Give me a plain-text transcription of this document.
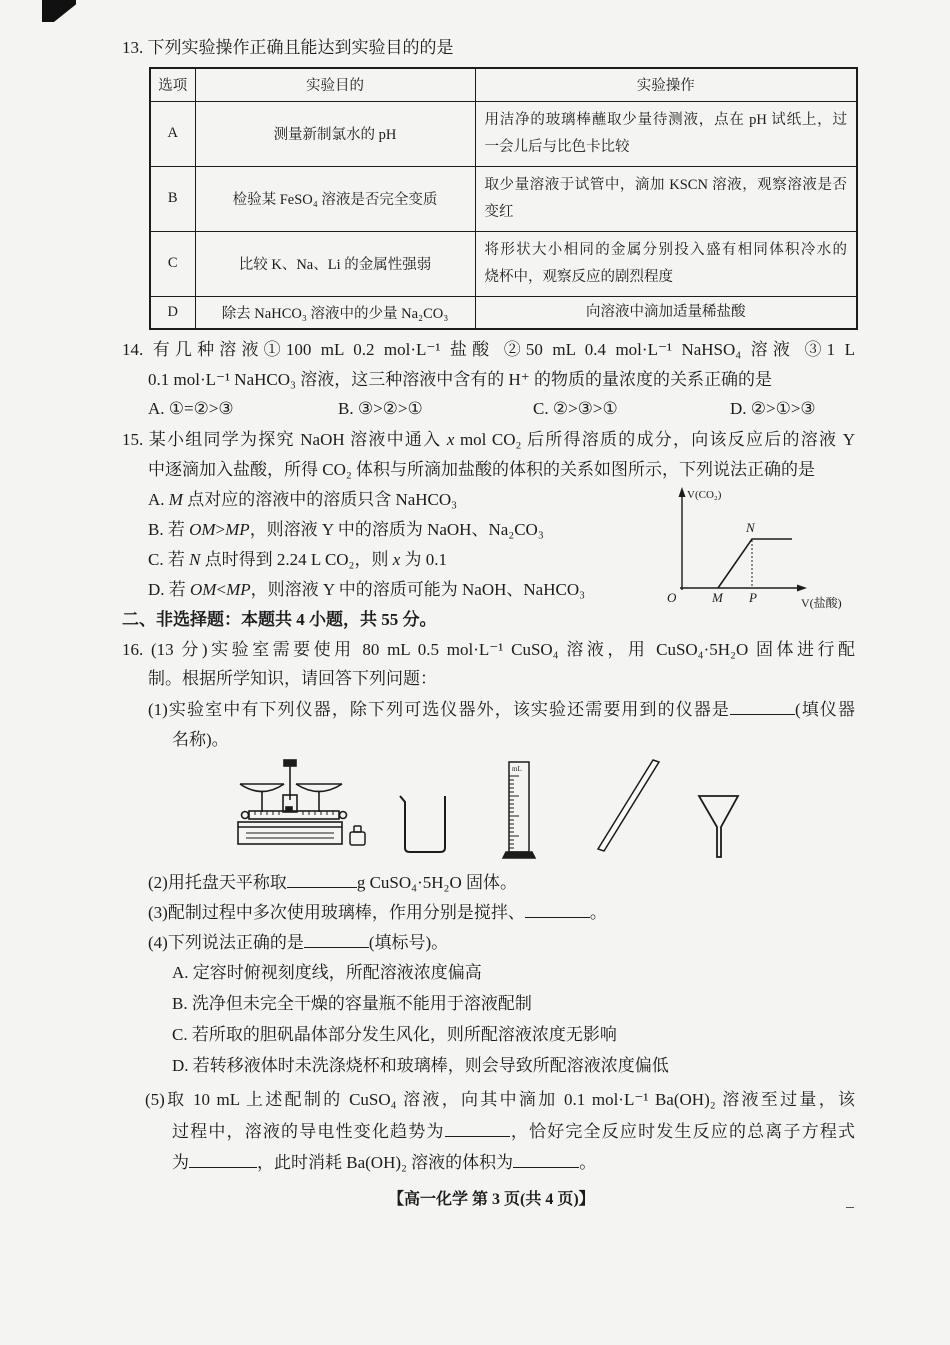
13. 下列实验操作正确且能达到实验目的的是
选项	实验目的	实验操作
A	测量新制氯水的 pH	用洁净的玻璃棒蘸取少量待测液，点在 pH 试纸上，过
一会儿后与比色卡比较

B	检验某 FeSO₄ 溶液是否完全变质	取少量溶液于试管中，滴加 KSCN 溶液，观察溶液是否
变红

C	比较 K、Na、Li 的金属性强弱	将形状大小相同的金属分别投入盛有相同体积冷水的
烧杯中，观察反应的剧烈程度

D	除去 NaHCO₃ 溶液中的少量 Na₂CO₃	向溶液中滴加适量稀盐酸
14. 有几种溶液①100 mL 0.2 mol·L⁻¹ 盐酸 ②50 mL 0.4 mol·L⁻¹ NaHSO₄ 溶液 ③1 L
0.1 mol·L⁻¹ NaHCO₃ 溶液，这三种溶液中含有的 H⁺ 的物质的量浓度的关系正确的是
A. ①=②>③	B. ③>②>①	C. ②>③>①	D. ②>①>③
15. 某小组同学为探究 NaOH 溶液中通入 x mol CO₂ 后所得溶质的成分，向该反应后的溶液 Y
中逐滴加入盐酸，所得 CO₂ 体积与所滴加盐酸的体积的关系如图所示，下列说法正确的是
A. M 点对应的溶液中的溶质只含 NaHCO₃
B. 若 OM>MP，则溶液 Y 中的溶质为 NaOH、Na₂CO₃
C. 若 N 点时得到 2.24 L CO₂，则 x 为 0.1
D. 若 OM<MP，则溶液 Y 中的溶质可能为 NaOH、NaHCO₃
V(CO₂)
N
O	M P	V(盐酸)
二、非选择题：本题共 4 小题，共 55 分。
16. (13 分)实验室需要使用 80 mL 0.5 mol·L⁻¹ CuSO₄ 溶液，用 CuSO₄·5H₂O 固体进行配
制。根据所学知识，请回答下列问题：
(1)实验室中有下列仪器，除下列可选仪器外，该实验还需要用到的仪器是	(填仪器
名称)。
mL
(2)用托盘天平称取	g CuSO₄·5H₂O 固体。
(3)配制过程中多次使用玻璃棒，作用分别是搅拌、	。
(4)下列说法正确的是	(填标号)。
A. 定容时俯视刻度线，所配溶液浓度偏高
B. 洗净但未完全干燥的容量瓶不能用于溶液配制
C. 若所取的胆矾晶体部分发生风化，则所配溶液浓度无影响
D. 若转移液体时未洗涤烧杯和玻璃棒，则会导致所配溶液浓度偏低
(5)取 10 mL 上述配制的 CuSO₄ 溶液，向其中滴加 0.1 mol·L⁻¹ Ba(OH)₂ 溶液至过量，该
过程中，溶液的导电性变化趋势为	，恰好完全反应时发生反应的总离子方程式
为	，此时消耗 Ba(OH)₂ 溶液的体积为	。
【高一化学 第 3 页(共 4 页)】
